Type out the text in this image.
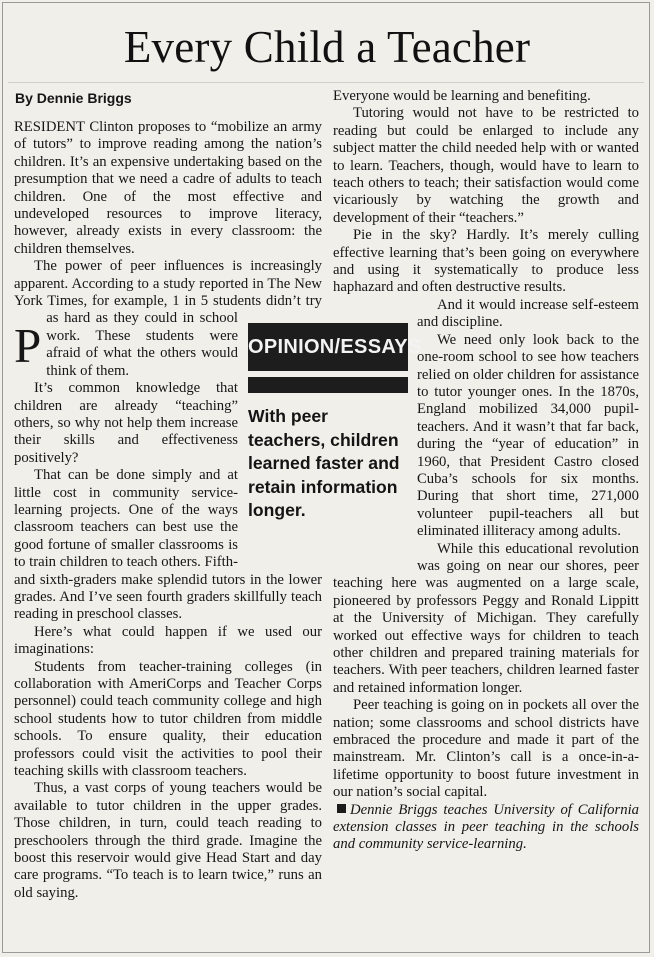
Every Child a Teacher
By Dennie Briggs

P
RESIDENT Clinton proposes to “mobilize an army of tutors” to improve reading among the nation’s children. It’s an expensive undertaking based on the presumption that we need a cadre of adults to teach children. One of the most effective and undeveloped resources to improve literacy, however, already exists in every classroom: the children themselves.

The power of peer influences is increasingly apparent. According to a study reported in The New York Times, for example, 1 in 5 students didn’t try as hard as they could in school work. These students were afraid of what the others would think of them.

It’s common knowledge that children are already “teaching” others, so why not help them increase their skills and effectiveness positively?

That can be done simply and at little cost in community service-learning projects. One of the ways classroom teachers can best use the good fortune of smaller classrooms is to train children to teach others. Fifth- and sixth-graders make splendid tutors in the lower grades. And I’ve seen fourth graders skillfully teach reading in preschool classes.

Here’s what could happen if we used our imaginations:

Students from teacher-training colleges (in collaboration with AmeriCorps and Teacher Corps personnel) could teach community college and high school students how to tutor children from middle schools. To ensure quality, their education professors could visit the activities to pool their teaching skills with classroom teachers.

Thus, a vast corps of young teachers would be available to tutor children in the upper grades. Those children, in turn, could teach reading to preschoolers through the third grade. Imagine the boost this reservoir would give Head Start and day care programs. “To teach is to learn twice,” runs an old saying.

Everyone would be learning and benefiting.

Tutoring would not have to be restricted to reading but could be enlarged to include any subject matter the child needed help with or wanted to learn. Teachers, though, would have to learn to teach others to teach; their satisfaction would come vicariously by watching the growth and development of their “teachers.”

Pie in the sky? Hardly. It’s merely culling effective learning that’s been going on everywhere and using it systematically to produce less haphazard and often destructive results.

And it would increase self-esteem and discipline.

We need only look back to the one-room school to see how teachers relied on older children for assistance to tutor younger ones. In the 1870s, England mobilized 34,000 pupil-teachers. And it wasn’t that far back, during the “year of education” in 1960, that President Castro closed Cuba’s schools for six months. During that short time, 271,000 volunteer pupil-teachers all but eliminated illiteracy among adults.

While this educational revolution was going on near our shores, peer teaching here was augmented on a large scale, pioneered by professors Peggy and Ronald Lippitt at the University of Michigan. They carefully worked out effective ways for children to teach other children and prepared training materials for teachers. With peer teachers, children learned faster and retained information longer.

Peer teaching is going on in pockets all over the nation; some classrooms and school districts have embraced the procedure and made it part of the mainstream. Mr. Clinton’s call is a once-in-a-lifetime opportunity to boost future investment in our nation’s social capital.

Dennie Briggs teaches University of California extension classes in peer teaching in the schools and community service-learning.

OPINION/ESSAYS
With peer teachers, children learned faster and retain information longer.
